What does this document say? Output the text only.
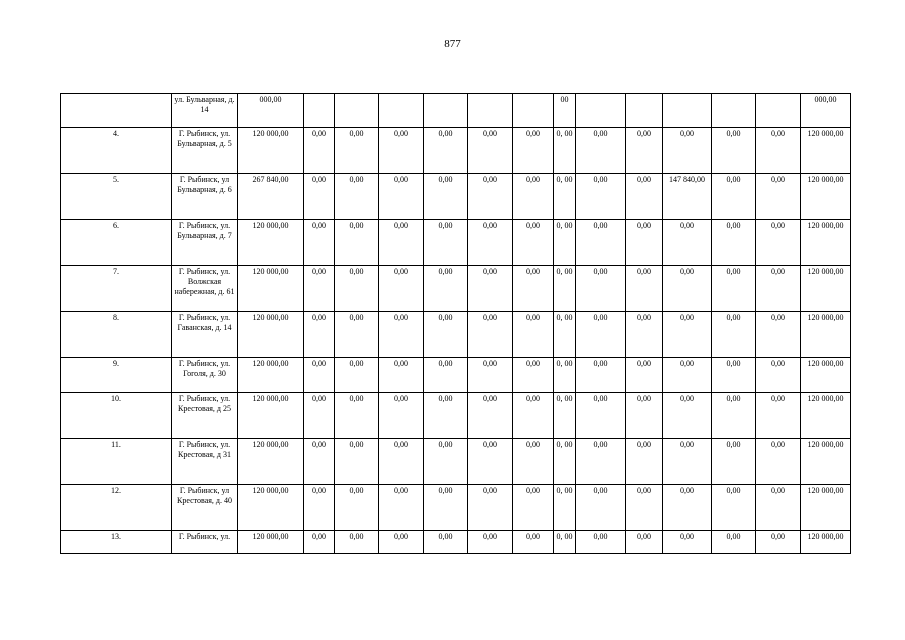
877
	ул. Бульварная, д. 14	000,00							00						000,00
4.	Г. Рыбинск, ул. Бульварная, д. 5	120 000,00	0,00	0,00	0,00	0,00	0,00	0,00	0, 00	0,00	0,00	0,00	0,00	0,00	120 000,00
5.	Г. Рыбинск, ул Бульварная, д. 6	267 840,00	0,00	0,00	0,00	0,00	0,00	0,00	0, 00	0,00	0,00	147 840,00	0,00	0,00	120 000,00
6.	Г. Рыбинск, ул. Бульварная, д. 7	120 000,00	0,00	0,00	0,00	0,00	0,00	0,00	0, 00	0,00	0,00	0,00	0,00	0,00	120 000,00
7.	Г. Рыбинск, ул. Волжская набережная, д. 61	120 000,00	0,00	0,00	0,00	0,00	0,00	0,00	0, 00	0,00	0,00	0,00	0,00	0,00	120 000,00
8.	Г. Рыбинск, ул. Гаванская, д. 14	120 000,00	0,00	0,00	0,00	0,00	0,00	0,00	0, 00	0,00	0,00	0,00	0,00	0,00	120 000,00
9.	Г. Рыбинск, ул. Гоголя, д. 30	120 000,00	0,00	0,00	0,00	0,00	0,00	0,00	0, 00	0,00	0,00	0,00	0,00	0,00	120 000,00
10.	Г. Рыбинск, ул. Крестовая, д 25	120 000,00	0,00	0,00	0,00	0,00	0,00	0,00	0, 00	0,00	0,00	0,00	0,00	0,00	120 000,00
11.	Г. Рыбинск, ул. Крестовая, д 31	120 000,00	0,00	0,00	0,00	0,00	0,00	0,00	0, 00	0,00	0,00	0,00	0,00	0,00	120 000,00
12.	Г. Рыбинск, ул Крестовая, д. 40	120 000,00	0,00	0,00	0,00	0,00	0,00	0,00	0, 00	0,00	0,00	0,00	0,00	0,00	120 000,00
13.	Г. Рыбинск, ул.	120 000,00	0,00	0,00	0,00	0,00	0,00	0,00	0, 00	0,00	0,00	0,00	0,00	0,00	120 000,00
